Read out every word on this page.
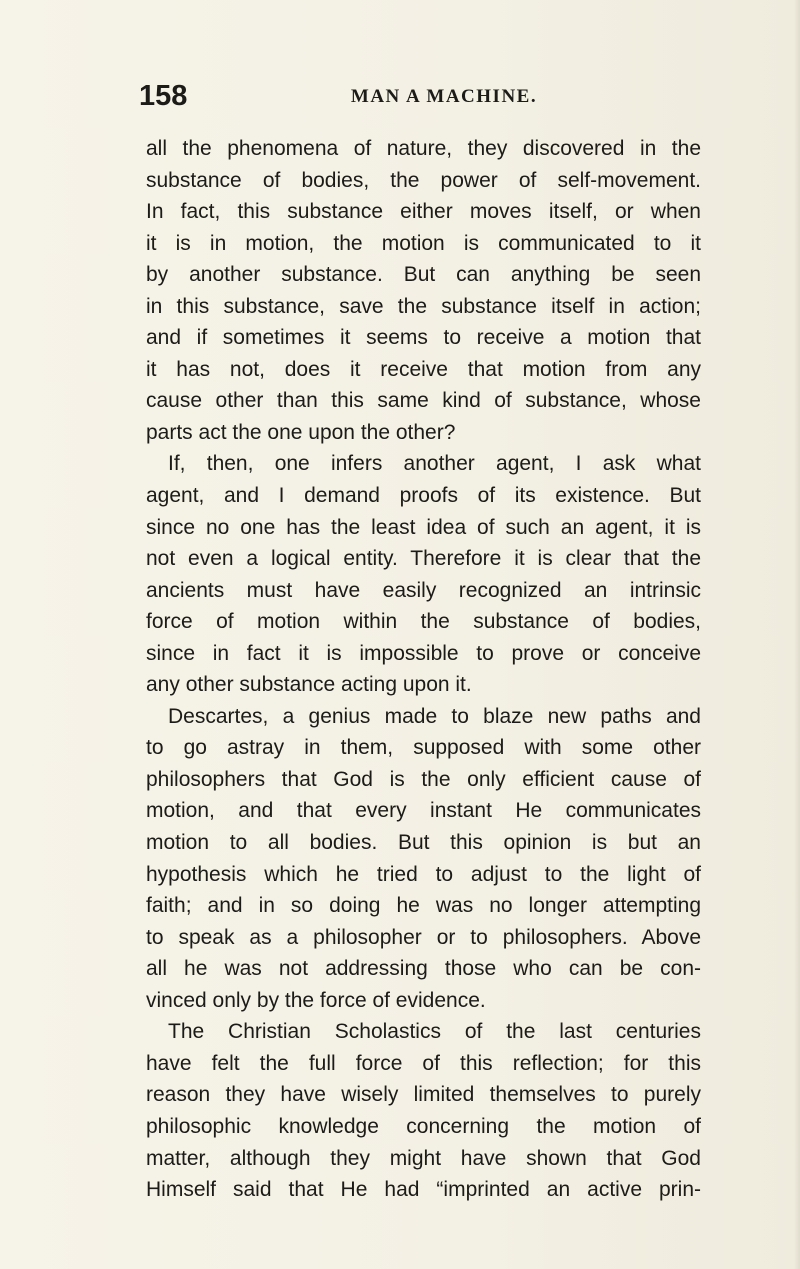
158	MAN A MACHINE.
all the phenomena of nature, they discovered in the
substance of bodies, the power of self-movement.
In fact, this substance either moves itself, or when
it is in motion, the motion is communicated to it
by another substance. But can anything be seen
in this substance, save the substance itself in action;
and if sometimes it seems to receive a motion that
it has not, does it receive that motion from any
cause other than this same kind of substance, whose
parts act the one upon the other?
If, then, one infers another agent, I ask what
agent, and I demand proofs of its existence. But
since no one has the least idea of such an agent, it is
not even a logical entity. Therefore it is clear that the
ancients must have easily recognized an intrinsic
force of motion within the substance of bodies,
since in fact it is impossible to prove or conceive
any other substance acting upon it.
Descartes, a genius made to blaze new paths and
to go astray in them, supposed with some other
philosophers that God is the only efficient cause of
motion, and that every instant He communicates
motion to all bodies. But this opinion is but an
hypothesis which he tried to adjust to the light of
faith; and in so doing he was no longer attempting
to speak as a philosopher or to philosophers. Above
all he was not addressing those who can be con-
vinced only by the force of evidence.
The Christian Scholastics of the last centuries
have felt the full force of this reflection; for this
reason they have wisely limited themselves to purely
philosophic knowledge concerning the motion of
matter, although they might have shown that God
Himself said that He had “imprinted an active prin-
